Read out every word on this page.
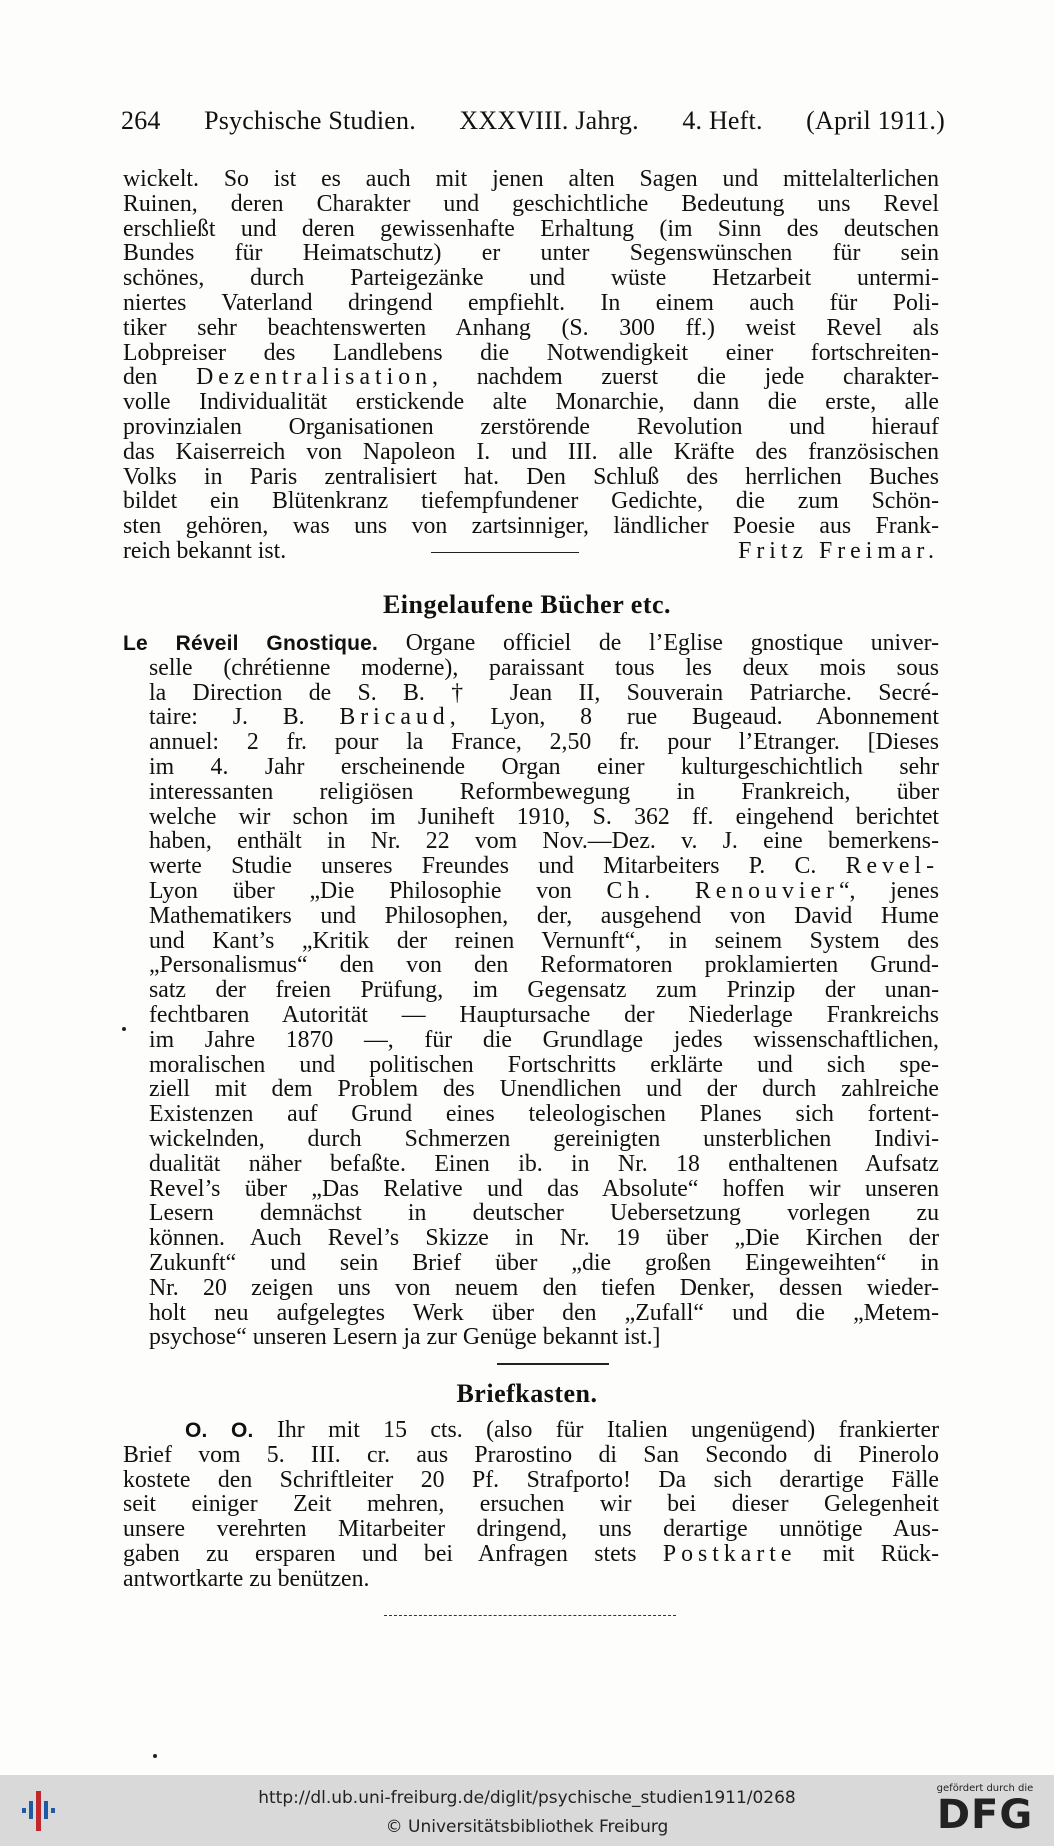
264 Psychische Studien. XXXVIII. Jahrg. 4. Heft. (April 1911.)
wickelt. So ist es auch mit jenen alten Sagen und mittelalterlichen
Ruinen, deren Charakter und geschichtliche Bedeutung uns Revel
erschließt und deren gewissenhafte Erhaltung (im Sinn des deutschen
Bundes für Heimatschutz) er unter Segenswünschen für sein
schönes, durch Parteigezänke und wüste Hetzarbeit untermi-
niertes Vaterland dringend empfiehlt. In einem auch für Poli-
tiker sehr beachtenswerten Anhang (S. 300 ff.) weist Revel als
Lobpreiser des Landlebens die Notwendigkeit einer fortschreiten-
den Dezentralisation, nachdem zuerst die jede charakter-
volle Individualität erstickende alte Monarchie, dann die erste, alle
provinzialen Organisationen zerstörende Revolution und hierauf
das Kaiserreich von Napoleon I. und III. alle Kräfte des französischen
Volks in Paris zentralisiert hat. Den Schluß des herrlichen Buches
bildet ein Blütenkranz tiefempfundener Gedichte, die zum Schön-
sten gehören, was uns von zartsinniger, ländlicher Poesie aus Frank-
reich bekannt ist.	Fritz Freimar.
Eingelaufene Bücher etc.
Le Réveil Gnostique. Organe officiel de l’Eglise gnostique univer-
selle (chrétienne moderne), paraissant tous les deux mois sous
la Direction de S. B. † Jean II, Souverain Patriarche. Secré-
taire: J. B. Bricaud, Lyon, 8 rue Bugeaud. Abonnement
annuel: 2 fr. pour la France, 2,50 fr. pour l’Etranger. [Dieses
im 4. Jahr erscheinende Organ einer kulturgeschichtlich sehr
interessanten religiösen Reformbewegung in Frankreich, über
welche wir schon im Juniheft 1910, S. 362 ff. eingehend berichtet
haben, enthält in Nr. 22 vom Nov.—Dez. v. J. eine bemerkens-
werte Studie unseres Freundes und Mitarbeiters P. C. Revel-
Lyon über „Die Philosophie von Ch. Renouvier“, jenes
Mathematikers und Philosophen, der, ausgehend von David Hume
und Kant’s „Kritik der reinen Vernunft“, in seinem System des
„Personalismus“ den von den Reformatoren proklamierten Grund-
satz der freien Prüfung, im Gegensatz zum Prinzip der unan-
fechtbaren Autorität — Hauptursache der Niederlage Frankreichs
im Jahre 1870 —, für die Grundlage jedes wissenschaftlichen,
moralischen und politischen Fortschritts erklärte und sich spe-
ziell mit dem Problem des Unendlichen und der durch zahlreiche
Existenzen auf Grund eines teleologischen Planes sich fortent-
wickelnden, durch Schmerzen gereinigten unsterblichen Indivi-
dualität näher befaßte. Einen ib. in Nr. 18 enthaltenen Aufsatz
Revel’s über „Das Relative und das Absolute“ hoffen wir unseren
Lesern demnächst in deutscher Uebersetzung vorlegen zu
können. Auch Revel’s Skizze in Nr. 19 über „Die Kirchen der
Zukunft“ und sein Brief über „die großen Eingeweihten“ in
Nr. 20 zeigen uns von neuem den tiefen Denker, dessen wieder-
holt neu aufgelegtes Werk über den „Zufall“ und die „Metem-
psychose“ unseren Lesern ja zur Genüge bekannt ist.]
Briefkasten.
O. O. Ihr mit 15 cts. (also für Italien ungenügend) frankierter
Brief vom 5. III. cr. aus Prarostino di San Secondo di Pinerolo
kostete den Schriftleiter 20 Pf. Strafporto! Da sich derartige Fälle
seit einiger Zeit mehren, ersuchen wir bei dieser Gelegenheit
unsere verehrten Mitarbeiter dringend, uns derartige unnötige Aus-
gaben zu ersparen und bei Anfragen stets Postkarte mit Rück-
antwortkarte zu benützen.
http://dl.ub.uni-freiburg.de/diglit/psychische_studien1911/0268
© Universitätsbibliothek Freiburg
gefördert durch die
DFG
